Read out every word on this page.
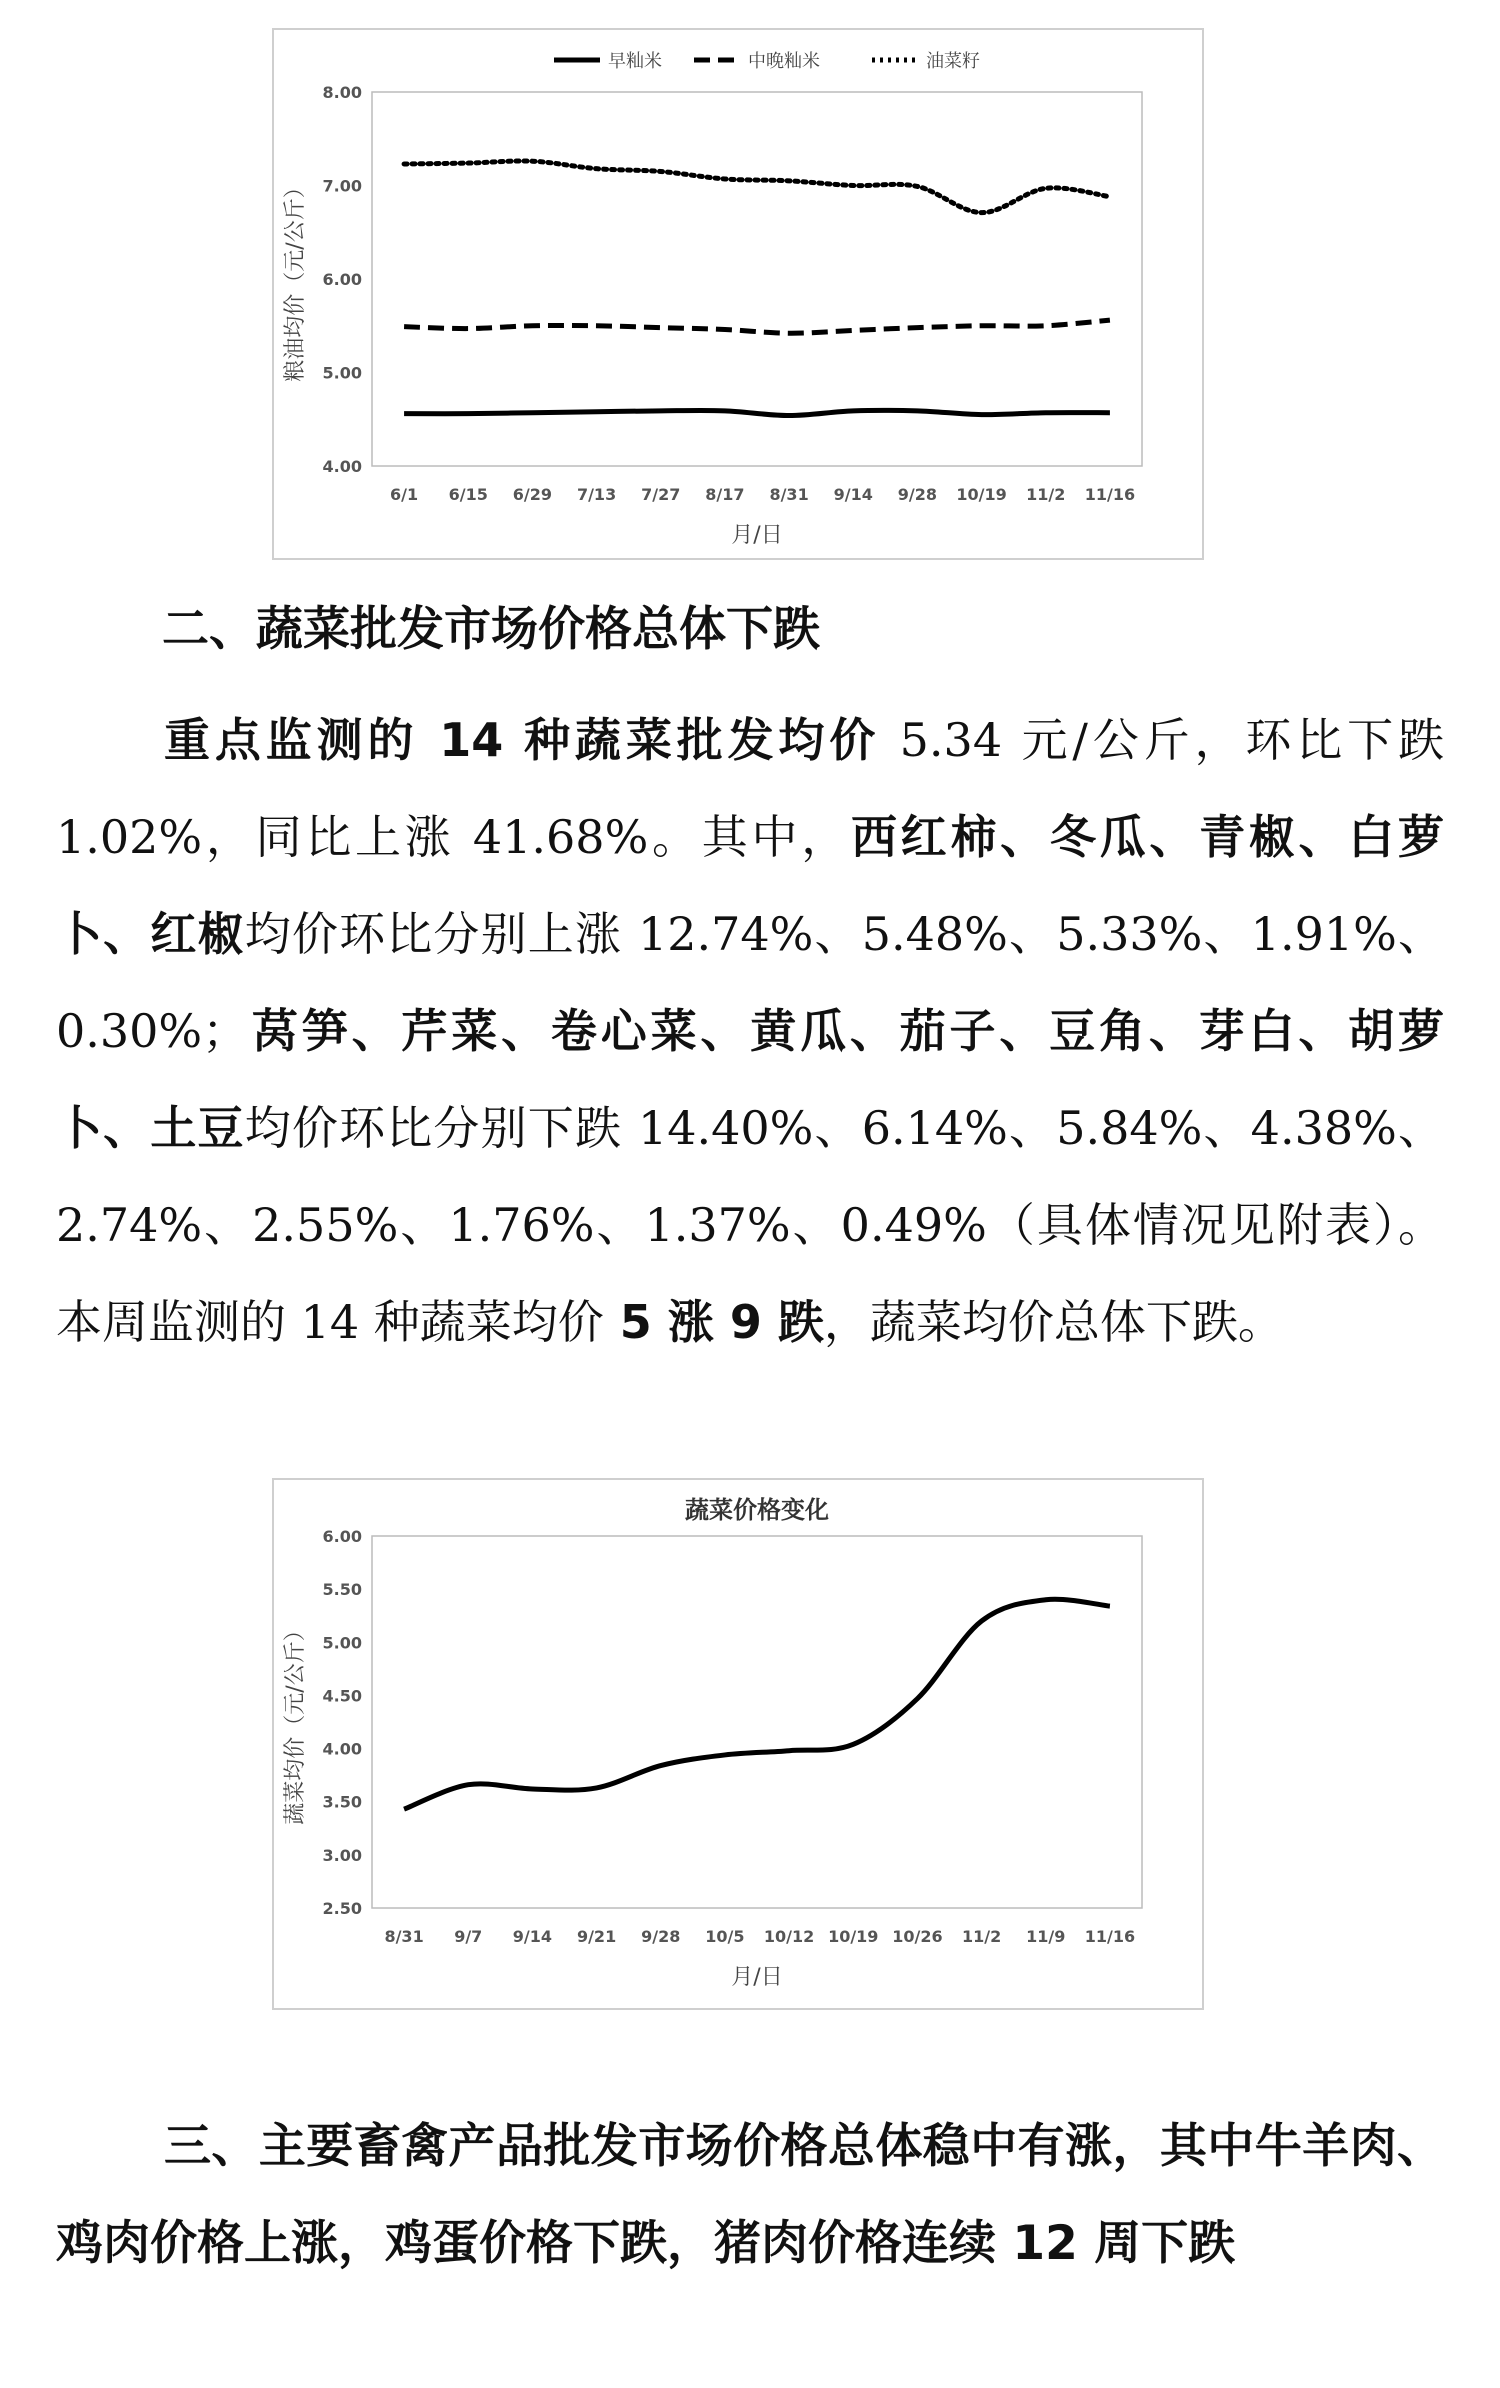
4.00
5.00
6.00
7.00
8.00
6/1 6/15 6/29 7/13 7/27 8/17 8/31 9/14 9/28 10/19 11/2 11/16
月/日
粮油均价（元/公斤）
早籼米	中晚籼米	油菜籽
二、蔬菜批发市场价格总体下跌
重点监测的 14 种蔬菜批发均价 5.34 元/公斤，环比下跌 1.02%，同比上涨 41.68%。其中，西红柿、冬瓜、青椒、白萝卜、红椒均价环比分别上涨 12.74%、5.48%、5.33%、1.91%、0.30%；莴笋、芹菜、卷心菜、黄瓜、茄子、豆角、芽白、胡萝卜、土豆均价环比分别下跌 14.40%、6.14%、5.84%、4.38%、2.74%、2.55%、1.76%、1.37%、0.49%（具体情况见附表）。本周监测的 14 种蔬菜均价 5 涨 9 跌，蔬菜均价总体下跌。
蔬菜价格变化
2.50
3.00
3.50
4.00
4.50
5.00
5.50
6.00
8/31 9/7 9/14 9/21 9/28 10/5 10/12 10/19 10/26 11/2 11/9 11/16
月/日
蔬菜均价（元/公斤）
三、主要畜禽产品批发市场价格总体稳中有涨，其中牛羊肉、鸡肉价格上涨，鸡蛋价格下跌，猪肉价格连续 12 周下跌
